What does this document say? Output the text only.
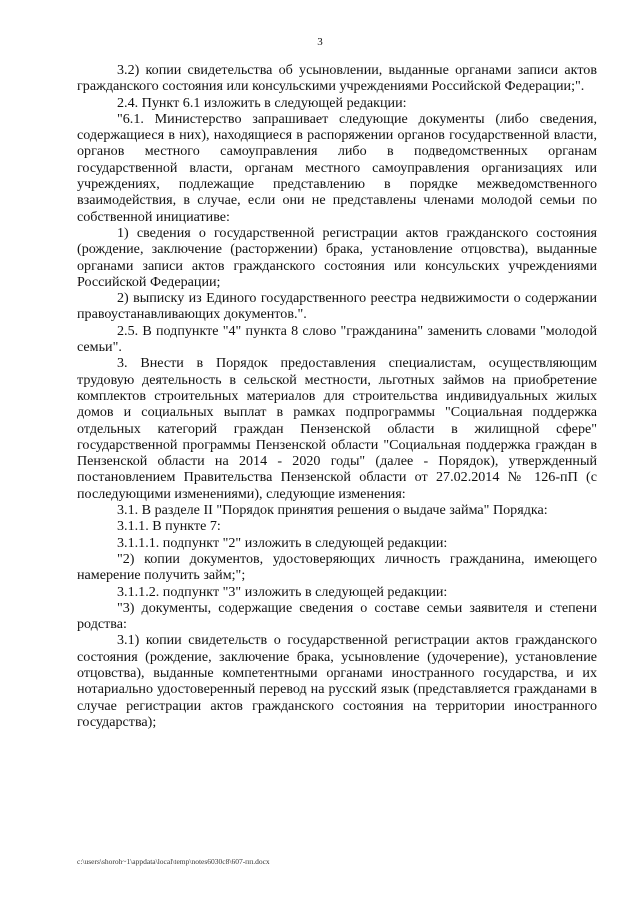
3

3.2) копии свидетельства об усыновлении, выданные органами записи актов гражданского состояния или консульскими учреждениями Российской Федерации;".

2.4. Пункт 6.1 изложить в следующей редакции:

"6.1. Министерство запрашивает следующие документы (либо сведения, содержащиеся в них), находящиеся в распоряжении органов государственной власти, органов местного самоуправления либо в подведомственных органам государственной власти, органам местного самоуправления организациях или учреждениях, подлежащие представлению в порядке межведомственного взаимодействия, в случае, если они не представлены членами молодой семьи по собственной инициативе:

1) сведения о государственной регистрации актов гражданского состояния (рождение, заключение (расторжении) брака, установление отцовства), выданные органами записи актов гражданского состояния или консульских учреждениями Российской Федерации;

2) выписку из Единого государственного реестра недвижимости о содержании правоустанавливающих документов.".

2.5. В подпункте "4" пункта 8 слово "гражданина" заменить словами "молодой семьи".

3. Внести в Порядок предоставления специалистам, осуществляющим трудовую деятельность в сельской местности, льготных займов на приобретение комплектов строительных материалов для строительства индивидуальных жилых домов и социальных выплат в рамках подпрограммы "Социальная поддержка отдельных категорий граждан Пензенской области в жилищной сфере" государственной программы Пензенской области "Социальная поддержка граждан в Пензенской области на 2014 - 2020 годы" (далее - Порядок), утвержденный постановлением Правительства Пензенской области от 27.02.2014 № 126-пП (с последующими изменениями), следующие изменения:

3.1. В разделе II "Порядок принятия решения о выдаче займа" Порядка:

3.1.1. В пункте 7:

3.1.1.1. подпункт "2" изложить в следующей редакции:

"2) копии документов, удостоверяющих личность гражданина, имеющего намерение получить займ;";

3.1.1.2. подпункт "3" изложить в следующей редакции:

"3) документы, содержащие сведения о составе семьи заявителя и степени родства:

3.1) копии свидетельств о государственной регистрации актов гражданского состояния (рождение, заключение брака, усыновление (удочерение), установление отцовства), выданные компетентными органами иностранного государства, и их нотариально удостоверенный перевод на русский язык (представляется гражданами в случае регистрации актов гражданского состояния на территории иностранного государства);

c:\users\shoroh~1\appdata\local\temp\notes6030c8\607-пп.docx
